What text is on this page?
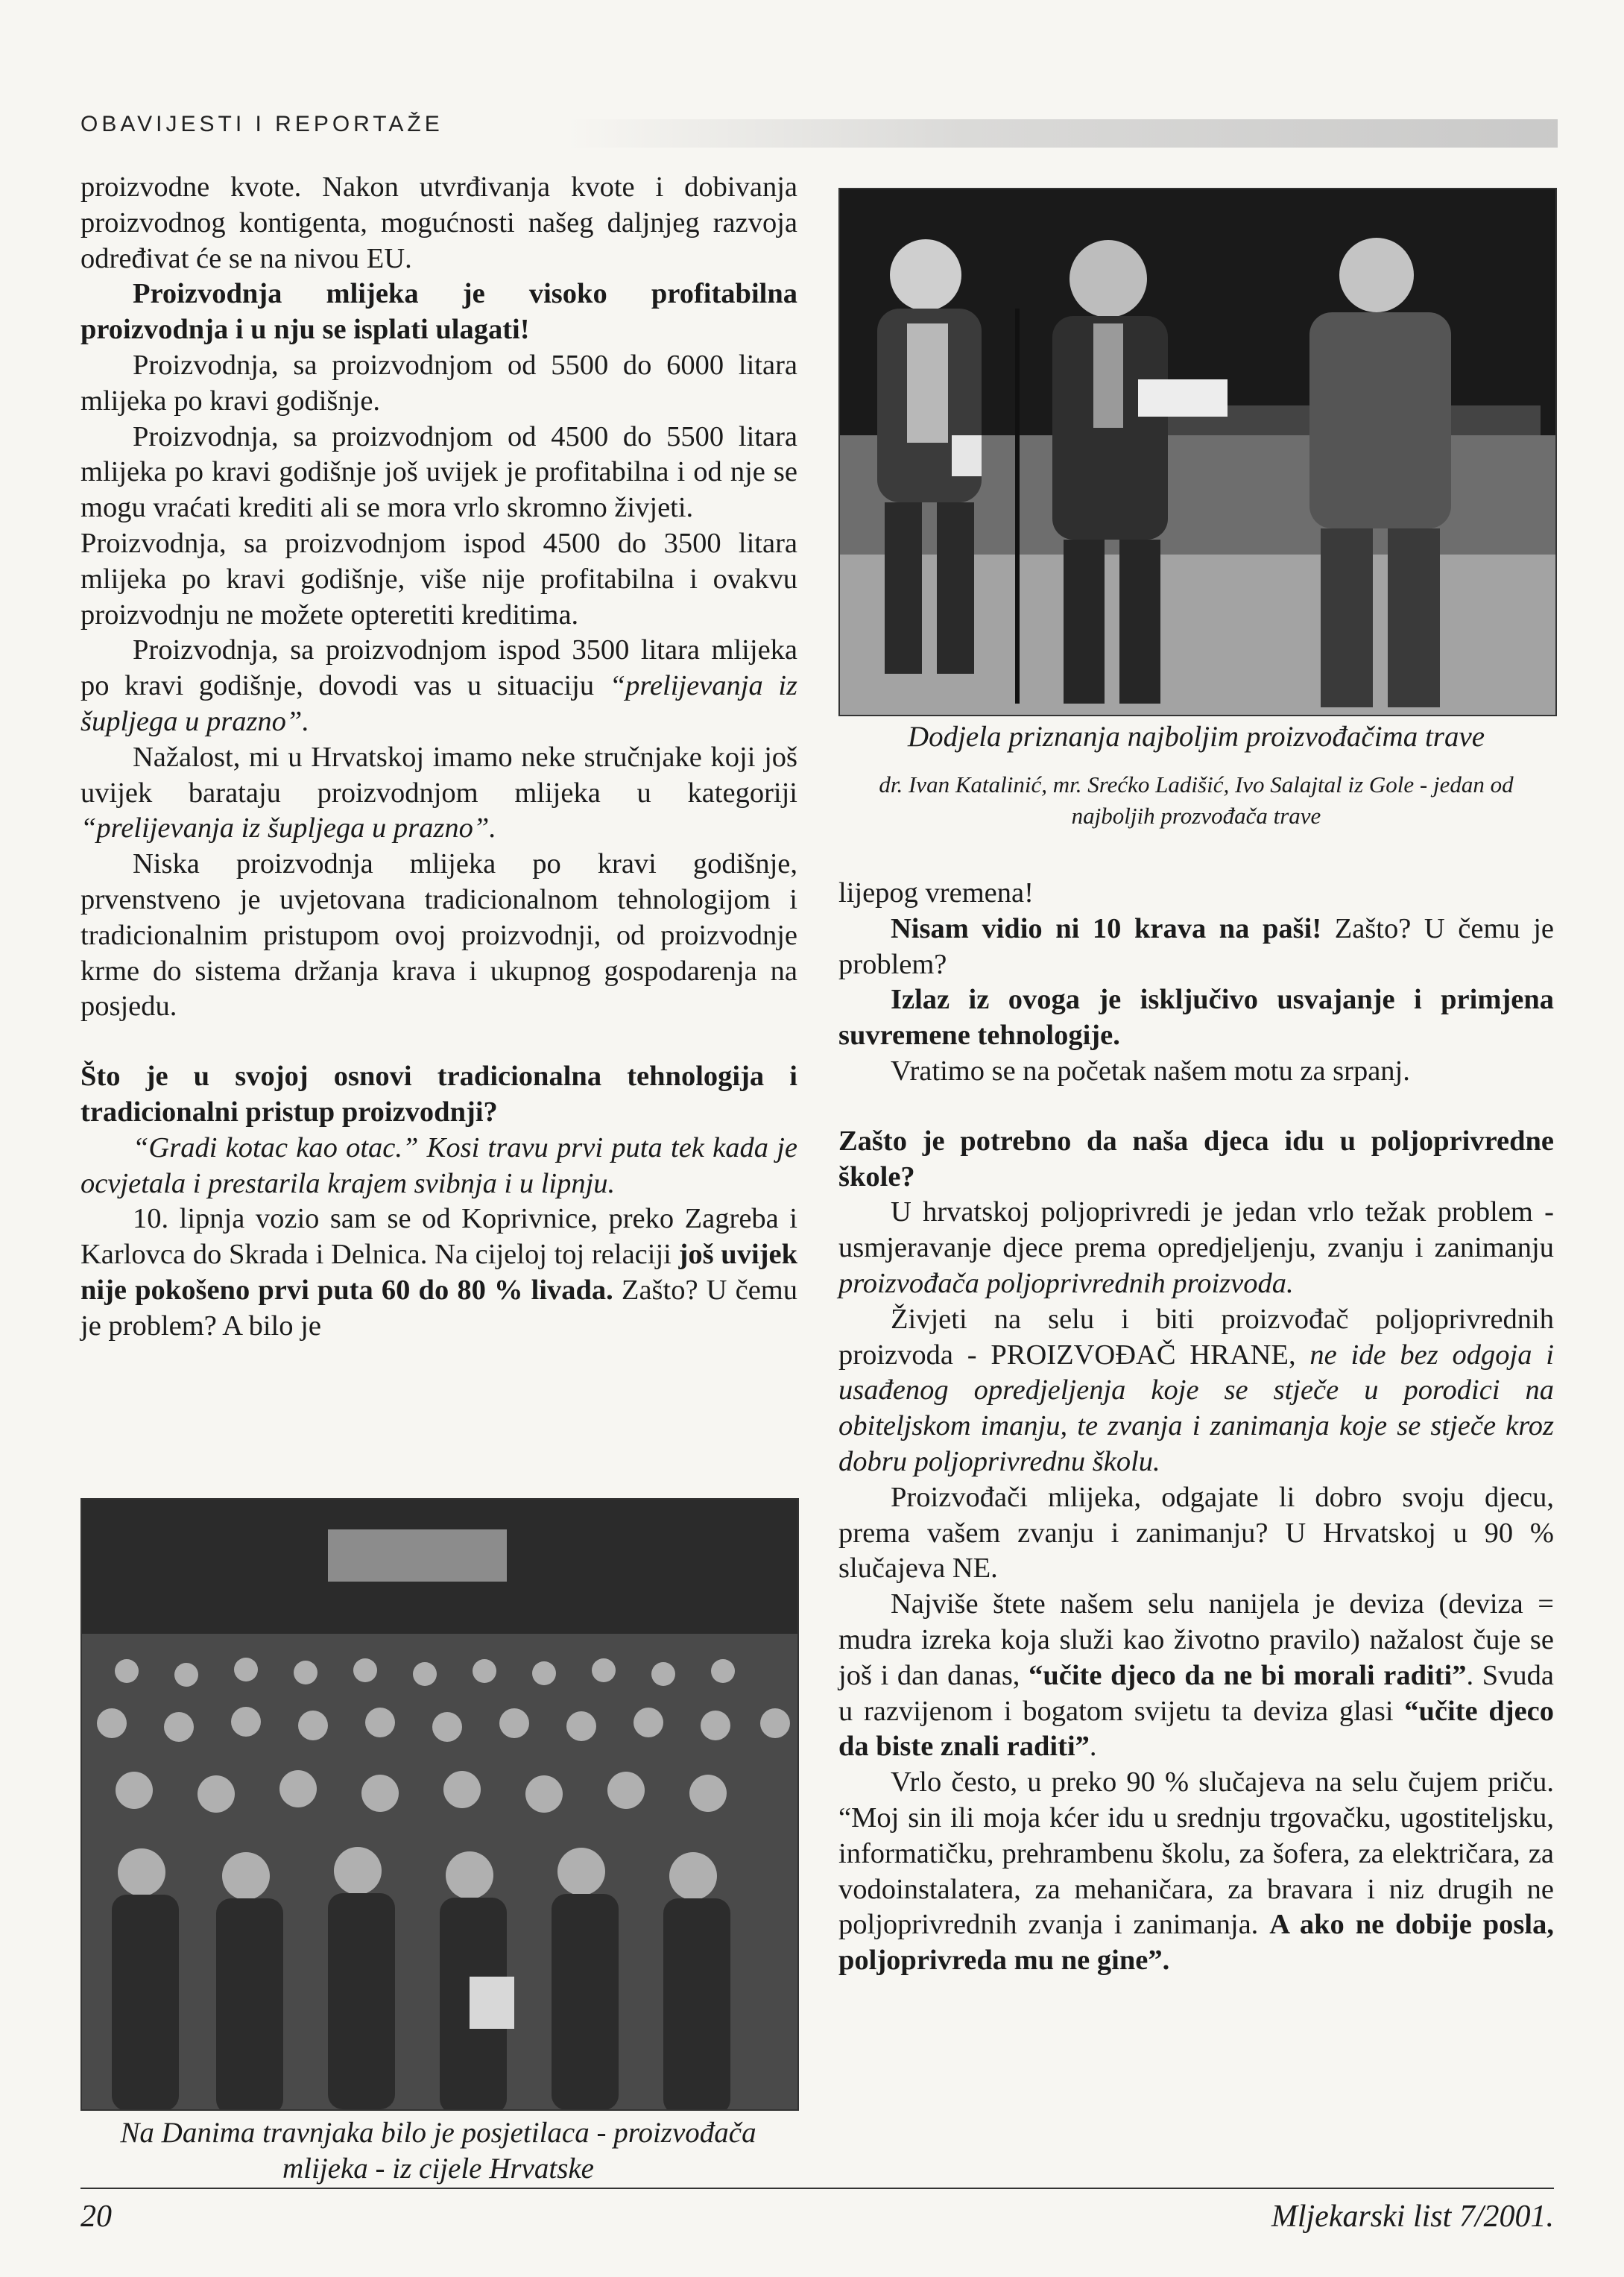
OBAVIJESTI I REPORTAŽE

proizvodne kvote. Nakon utvrđivanja kvote i dobivanja proizvodnog kontigenta, mogućnosti našeg daljnjeg razvoja određivat će se na nivou EU.

Proizvodnja mlijeka je visoko profitabilna proizvodnja i u nju se isplati ulagati!

Proizvodnja, sa proizvodnjom od 5500 do 6000 litara mlijeka po kravi godišnje.

Proizvodnja, sa proizvodnjom od 4500 do 5500 litara mlijeka po kravi godišnje još uvijek je profitabilna i od nje se mogu vraćati krediti ali se mora vrlo skromno živjeti.

Proizvodnja, sa proizvodnjom ispod 4500 do 3500 litara mlijeka po kravi godišnje, više nije profitabilna i ovakvu proizvodnju ne možete opteretiti kreditima.

Proizvodnja, sa proizvodnjom ispod 3500 litara mlijeka po kravi godišnje, dovodi vas u situaciju “prelijevanja iz šupljega u prazno”.

Nažalost, mi u Hrvatskoj imamo neke stručnjake koji još uvijek barataju proizvodnjom mlijeka u kategoriji “prelijevanja iz šupljega u prazno”.

Niska proizvodnja mlijeka po kravi godišnje, prvenstveno je uvjetovana tradicionalnom tehnologijom i tradicionalnim pristupom ovoj proizvodnji, od proizvodnje krme do sistema držanja krava i ukupnog gospodarenja na posjedu.

Što je u svojoj osnovi tradicionalna tehnologija i tradicionalni pristup proizvodnji?

“Gradi kotac kao otac.” Kosi travu prvi puta tek kada je ocvjetala i prestarila krajem svibnja i u lipnju.

10. lipnja vozio sam se od Koprivnice, preko Zagreba i Karlovca do Skrada i Delnica. Na cijeloj toj relaciji još uvijek nije pokošeno prvi puta 60 do 80 % livada. Zašto? U čemu je problem? A bilo je

Dodjela priznanja najboljim proizvođačima trave
dr. Ivan Katalinić, mr. Srećko Ladišić, Ivo Salajtal iz Gole - jedan od najboljih prozvođača trave
Na Danima travnjaka bilo je posjetilaca - proizvođača mlijeka - iz cijele Hrvatske

lijepog vremena!

Nisam vidio ni 10 krava na paši! Zašto? U čemu je problem?

Izlaz iz ovoga je isključivo usvajanje i primjena suvremene tehnologije.

Vratimo se na početak našem motu za srpanj.

Zašto je potrebno da naša djeca idu u poljoprivredne škole?

U hrvatskoj poljoprivredi je jedan vrlo težak problem - usmjeravanje djece prema opredjeljenju, zvanju i zanimanju proizvođača poljoprivrednih proizvoda.

Živjeti na selu i biti proizvođač poljoprivrednih proizvoda - PROIZVOĐAČ HRANE, ne ide bez odgoja i usađenog opredjeljenja koje se stječe u porodici na obiteljskom imanju, te zvanja i zanimanja koje se stječe kroz dobru poljoprivrednu školu.

Proizvođači mlijeka, odgajate li dobro svoju djecu, prema vašem zvanju i zanimanju? U Hrvatskoj u 90 % slučajeva NE.

Najviše štete našem selu nanijela je deviza (deviza = mudra izreka koja služi kao životno pravilo) nažalost čuje se još i dan danas, “učite djeco da ne bi morali raditi”. Svuda u razvijenom i bogatom svijetu ta deviza glasi “učite djeco da biste znali raditi”.

Vrlo često, u preko 90 % slučajeva na selu čujem priču. “Moj sin ili moja kćer idu u srednju trgovačku, ugostiteljsku, informatičku, prehrambenu školu, za šofera, za električara, za vodoinstalatera, za mehaničara, za bravara i niz drugih ne poljoprivrednih zvanja i zanimanja. A ako ne dobije posla, poljoprivreda mu ne gine”.

20	Mljekarski list 7/2001.
